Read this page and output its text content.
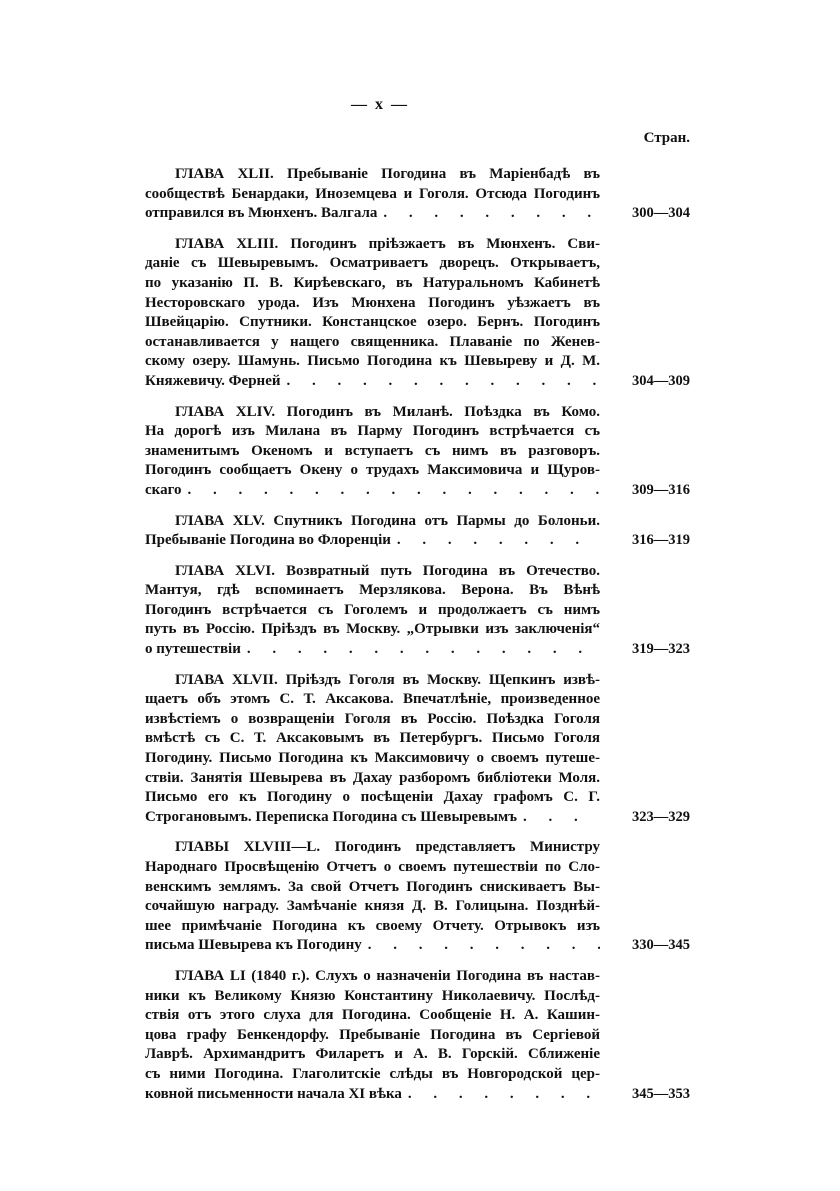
— x —
Стран.
ГЛАВА XLII. Пребываніе Погодина въ Маріенбадѣ въ
сообществѣ Бенардаки, Иноземцева и Гоголя. Отсюда Погодинъ
отправился въ Мюнхенъ. Валгала . . .	300—304
ГЛАВА XLIII. Погодинъ пріѣзжаетъ въ Мюнхенъ. Сви-
даніе съ Шевыревымъ. Осматриваетъ дворецъ. Открываетъ,
по указанію П. В. Кирѣевскаго, въ Натуральномъ Кабинетѣ
Несторовскаго урода. Изъ Мюнхена Погодинъ уѣзжаетъ въ
Швейцарію. Спутники. Констанцское озеро. Бернъ. Погодинъ
останавливается у нащего священника. Плаваніе по Женев-
скому озеру. Шамунь. Письмо Погодина къ Шевыреву и Д. М.
Княжевичу. Ферней . . .	304—309
ГЛАВА XLIV. Погодинъ въ Миланѣ. Поѣздка въ Комо.
На дорогѣ изъ Милана въ Парму Погодинъ встрѣчается съ
знаменитымъ Океномъ и вступаетъ съ нимъ въ разговоръ.
Погодинъ сообщаетъ Окену о трудахъ Максимовича и Щуров-
скаго . . .	309—316
ГЛАВА XLV. Спутникъ Погодина отъ Пармы до Болоньи.
Пребываніе Погодина во Флоренціи . . .	316—319
ГЛАВА XLVI. Возвратный путь Погодина въ Отечество.
Мантуя, гдѣ вспоминаетъ Мерзлякова. Верона. Въ Вѣнѣ
Погодинъ встрѣчается съ Гоголемъ и продолжаетъ съ нимъ
путь въ Россію. Пріѣздъ въ Москву. „Отрывки изъ заключенія“
о путешествіи . . .	319—323
ГЛАВА XLVII. Пріѣздъ Гоголя въ Москву. Щепкинъ извѣ-
щаетъ объ этомъ С. Т. Аксакова. Впечатлѣніе, произведенное
извѣстіемъ о возвращеніи Гоголя въ Россію. Поѣздка Гоголя
вмѣстѣ съ С. Т. Аксаковымъ въ Петербургъ. Письмо Гоголя
Погодину. Письмо Погодина къ Максимовичу о своемъ путеше-
ствіи. Занятія Шевырева въ Дахау разборомъ библіотеки Моля.
Письмо его къ Погодину о посѣщеніи Дахау графомъ С. Г.
Строгановымъ. Переписка Погодина съ Шевыревымъ . . .	323—329
ГЛАВЫ XLVIII—L. Погодинъ представляетъ Министру
Народнаго Просвѣщенію Отчетъ о своемъ путешествіи по Сло-
венскимъ землямъ. За свой Отчетъ Погодинъ снискиваетъ Вы-
сочайшую награду. Замѣчаніе князя Д. В. Голицына. Позднѣй-
шее примѣчаніе Погодина къ своему Отчету. Отрывокъ изъ
письма Шевырева къ Погодину . . .	330—345
ГЛАВА LI (1840 г.). Слухъ о назначеніи Погодина въ настав-
ники къ Великому Князю Константину Николаевичу. Послѣд-
ствія отъ этого слуха для Погодина. Сообщеніе Н. А. Кашин-
цова графу Бенкендорфу. Пребываніе Погодина въ Сергіевой
Лаврѣ. Архимандритъ Филаретъ и А. В. Горскій. Сближеніе
съ ними Погодина. Глаголитскіе слѣды въ Новгородской цер-
ковной письменности начала XI вѣка . . .	345—353
